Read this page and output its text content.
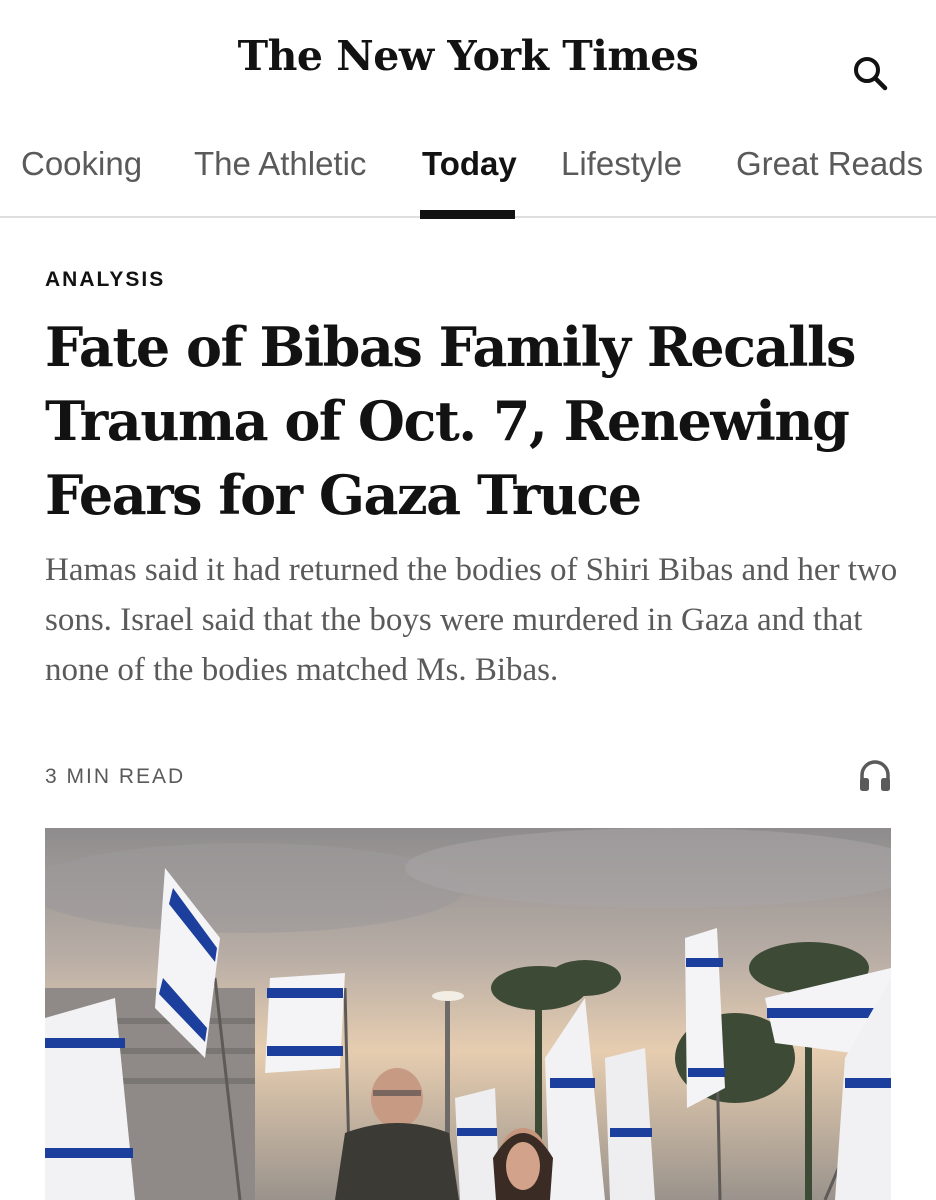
The New York Times
Cooking The Athletic Today Lifestyle Great Reads
ANALYSIS
Fate of Bibas Family Recalls Trauma of Oct. 7, Renewing Fears for Gaza Truce

Hamas said it had returned the bodies of Shiri Bibas and her two sons. Israel said that the boys were murdered in Gaza and that none of the bodies matched Ms. Bibas.

3 MIN READ
